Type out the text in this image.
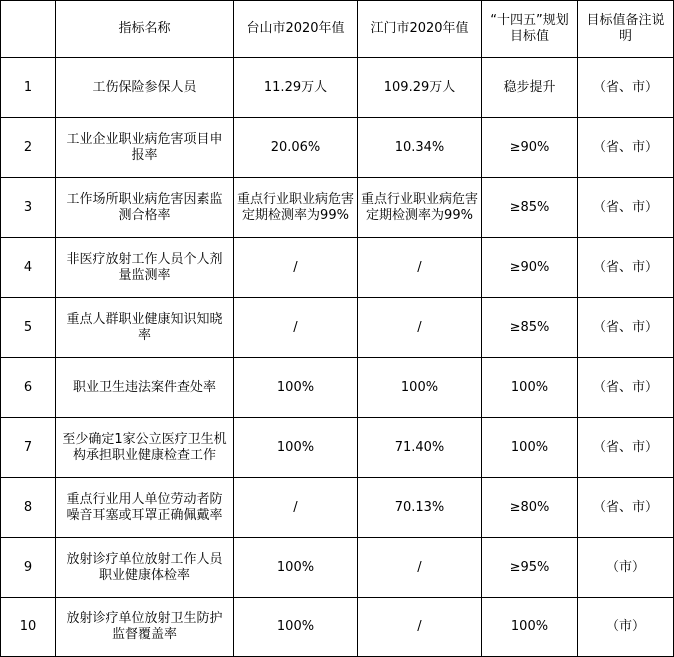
	指标名称	台山市2020年值	江门市2020年值	“十四五”规划目标值	目标值备注说明
1	工伤保险参保人员	11.29万人	109.29万人	稳步提升	（省、市）
2	工业企业职业病危害项目申报率	20.06%	10.34%	≥90%	（省、市）
3	工作场所职业病危害因素监测合格率	重点行业职业病危害定期检测率为99%	重点行业职业病危害定期检测率为99%	≥85%	（省、市）
4	非医疗放射工作人员个人剂量监测率	/	/	≥90%	（省、市）
5	重点人群职业健康知识知晓率	/	/	≥85%	（省、市）
6	职业卫生违法案件查处率	100%	100%	100%	（省、市）
7	至少确定1家公立医疗卫生机构承担职业健康检查工作	100%	71.40%	100%	（省、市）
8	重点行业用人单位劳动者防噪音耳塞或耳罩正确佩戴率	/	70.13%	≥80%	（省、市）
9	放射诊疗单位放射工作人员职业健康体检率	100%	/	≥95%	（市）
10	放射诊疗单位放射卫生防护监督覆盖率	100%	/	100%	（市）
